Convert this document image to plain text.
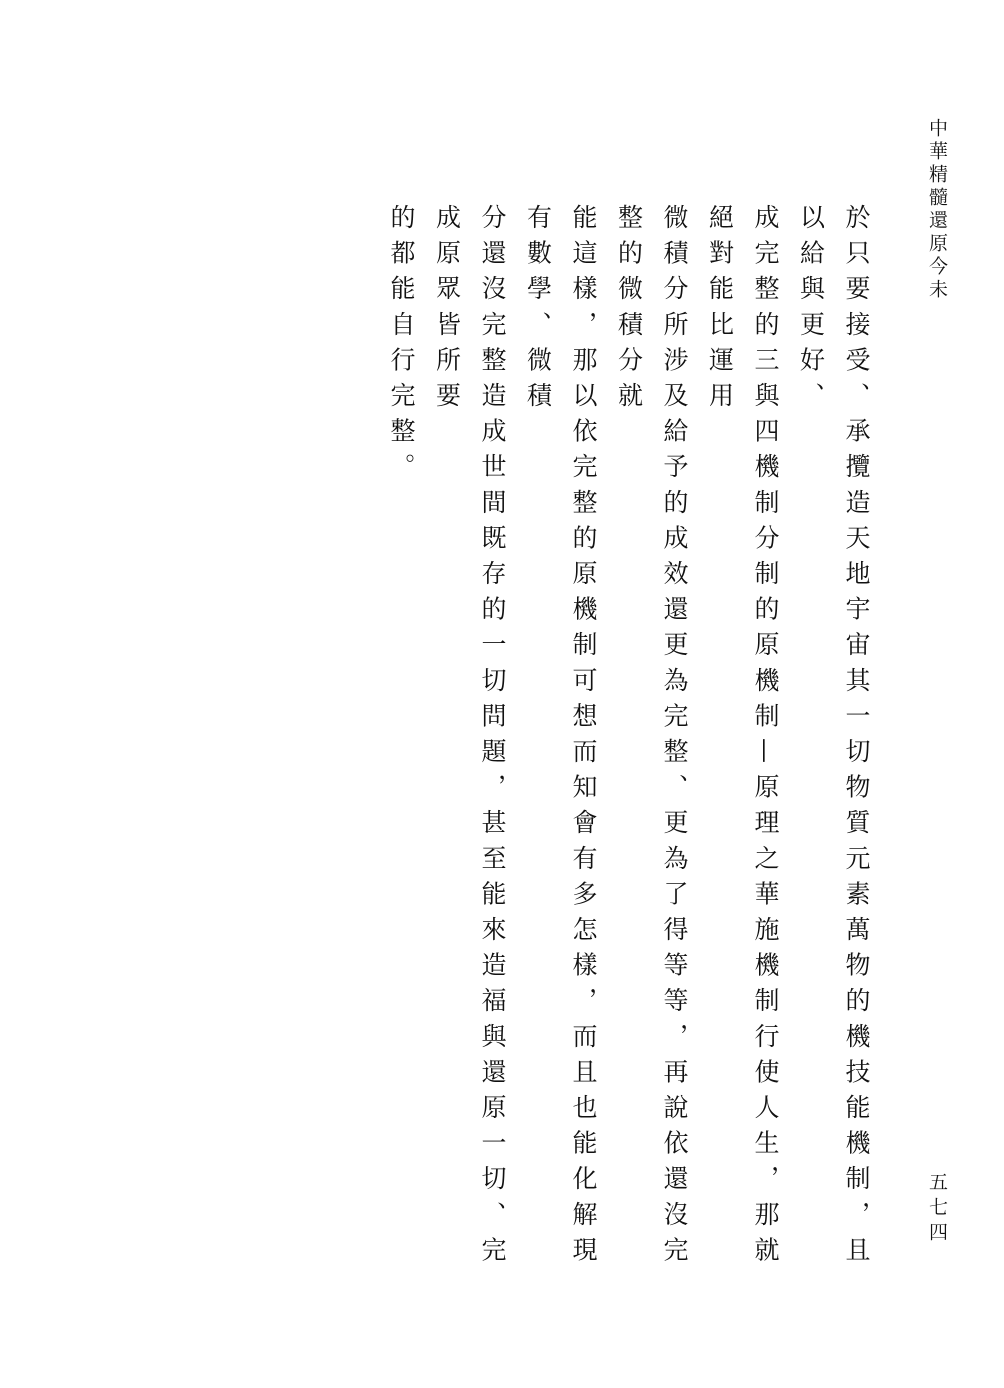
中華精髓還原今未
於只要接受、承攬造天地宇宙其一切物質元素萬物的機技能機制，且以給與更好、
成完整的三與四機制分制的原機制—原理之華施機制行使人生，那就絕對能比運用
微積分所涉及給予的成效還更為完整、更為了得等等，再說依還沒完整的微積分就
能這樣，那以依完整的原機制可想而知會有多怎樣，而且也能化解現有數學、微積
分還沒完整造成世間既存的一切問題，甚至能來造福與還原一切、完成原眾皆所要
的都能自行完整。
五七四
